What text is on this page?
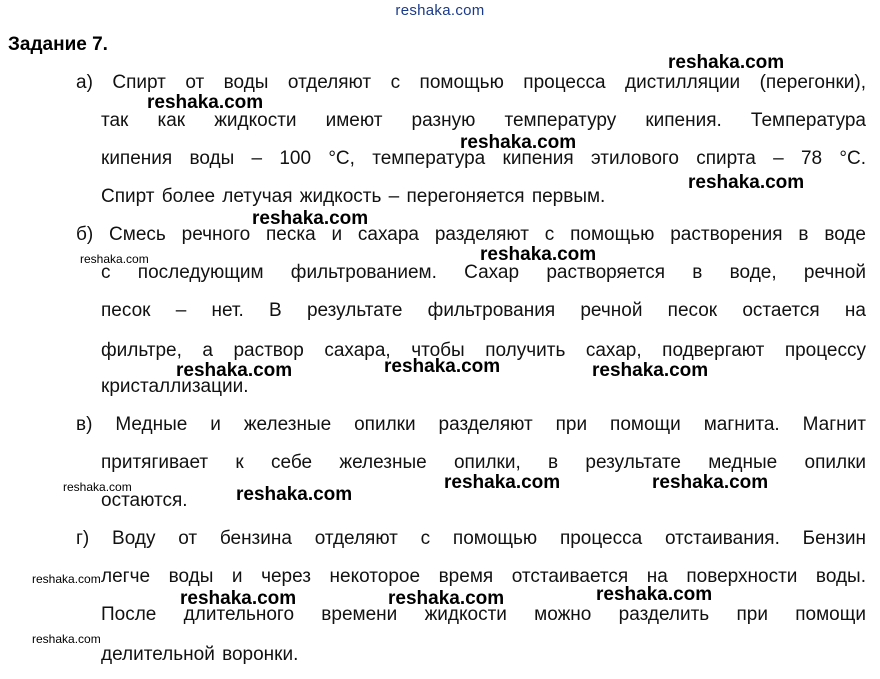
reshaka.com
Задание 7.
а) Спирт от воды отделяют с помощью процесса дистилляции (перегонки),
так как жидкости имеют разную температуру кипения. Температура
кипения воды – 100 °С, температура кипения этилового спирта – 78 °С.
Спирт более летучая жидкость – перегоняется первым.
б) Смесь речного песка и сахара разделяют с помощью растворения в воде
с последующим фильтрованием. Сахар растворяется в воде, речной
песок – нет. В результате фильтрования речной песок остается на
фильтре, а раствор сахара, чтобы получить сахар, подвергают процессу
кристаллизации.
в) Медные и железные опилки разделяют при помощи магнита. Магнит
притягивает к себе железные опилки, в результате медные опилки
остаются.
г) Воду от бензина отделяют с помощью процесса отстаивания. Бензин
легче воды и через некоторое время отстаивается на поверхности воды.
После длительного времени жидкости можно разделить при помощи
делительной воронки.
reshaka.com
reshaka.com
reshaka.com
reshaka.com
reshaka.com
reshaka.com
reshaka.com
reshaka.com	reshaka.com	reshaka.com
reshaka.com	reshaka.com
reshaka.com	reshaka.com
reshaka.com
reshaka.com	reshaka.com	reshaka.com
reshaka.com
